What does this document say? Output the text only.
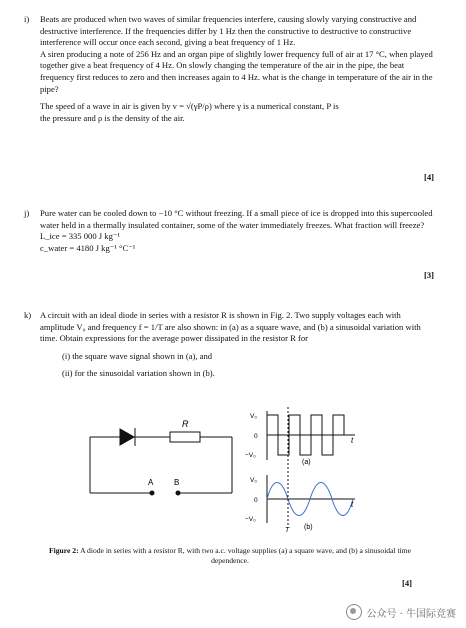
i) Beats are produced when two waves of similar frequencies interfere, causing slowly varying constructive and destructive interference. If the frequencies differ by 1 Hz then the constructive to destructive to constructive interference will occur once each second, giving a beat frequency of 1 Hz.

A siren producing a note of 256 Hz and an organ pipe of slightly lower frequency full of air at 17 °C, when played together give a beat frequency of 4 Hz. On slowly changing the temperature of the air in the pipe, the beat frequency first reduces to zero and then increases again to 4 Hz. what is the change in temperature of the air in the pipe?

The speed of a wave in air is given by v = √(γP/ρ) where γ is a numerical constant, P is

the pressure and ρ is the density of the air.

[4]
j) Pure water can be cooled down to −10 °C without freezing. If a small piece of ice is dropped into this supercooled water held in a thermally insulated container, some of the water immediately freezes. What fraction will freeze?

L_ice = 335 000 J kg⁻¹

c_water = 4180 J kg⁻¹ °C⁻¹

[3]
k) A circuit with an ideal diode in series with a resistor R is shown in Fig. 2. Two supply voltages each with amplitude V₀ and frequency f = 1/T are also shown: in (a) as a square wave, and (b) a sinusoidal variation with time. Obtain expressions for the average power dissipated in the resistor R for

(i) the square wave signal shown in (a), and
(ii) for the sinusoidal variation shown in (b).
R
A	B
V₀
0
−V₀
t
(a)
V₀
0
−V₀
t
T (b)
Figure 2: A diode in series with a resistor R, with two a.c. voltage supplies (a) a square wave, and (b) a sinusoidal time dependence.
[4]
公众号 · 牛国际竞赛
